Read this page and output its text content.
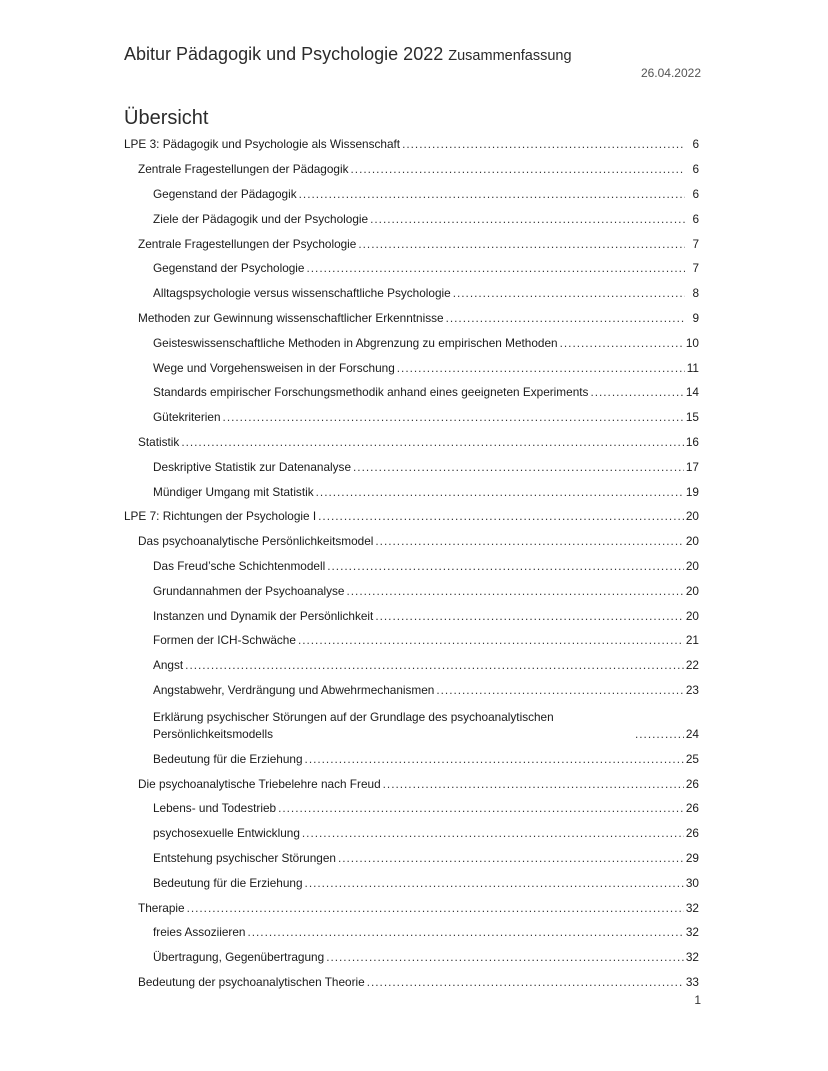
Abitur Pädagogik und Psychologie 2022 Zusammenfassung
26.04.2022
Übersicht
LPE 3: Pädagogik und Psychologie als Wissenschaft .....	6
Zentrale Fragestellungen der Pädagogik .....	6
Gegenstand der Pädagogik .....	6
Ziele der Pädagogik und der Psychologie .....	6
Zentrale Fragestellungen der Psychologie .....	7
Gegenstand der Psychologie .....	7
Alltagspsychologie versus wissenschaftliche Psychologie .....	8
Methoden zur Gewinnung wissenschaftlicher Erkenntnisse .....	9
Geisteswissenschaftliche Methoden in Abgrenzung zu empirischen Methoden .....	10
Wege und Vorgehensweisen in der Forschung .....	11
Standards empirischer Forschungsmethodik anhand eines geeigneten Experiments .....	14
Gütekriterien .....	15
Statistik .....	16
Deskriptive Statistik zur Datenanalyse .....	17
Mündiger Umgang mit Statistik .....	19
LPE 7: Richtungen der Psychologie I .....	20
Das psychoanalytische Persönlichkeitsmodel .....	20
Das Freud’sche Schichtenmodell .....	20
Grundannahmen der Psychoanalyse .....	20
Instanzen und Dynamik der Persönlichkeit .....	20
Formen der ICH-Schwäche .....	21
Angst .....	22
Angstabwehr, Verdrängung und Abwehrmechanismen .....	23
Erklärung psychischer Störungen auf der Grundlage des psychoanalytischen Persönlichkeitsmodells .....	24
Bedeutung für die Erziehung .....	25
Die psychoanalytische Triebelehre nach Freud .....	26
Lebens- und Todestrieb .....	26
psychosexuelle Entwicklung .....	26
Entstehung psychischer Störungen .....	29
Bedeutung für die Erziehung .....	30
Therapie .....	32
freies Assoziieren .....	32
Übertragung, Gegenübertragung .....	32
Bedeutung der psychoanalytischen Theorie .....	33
1
